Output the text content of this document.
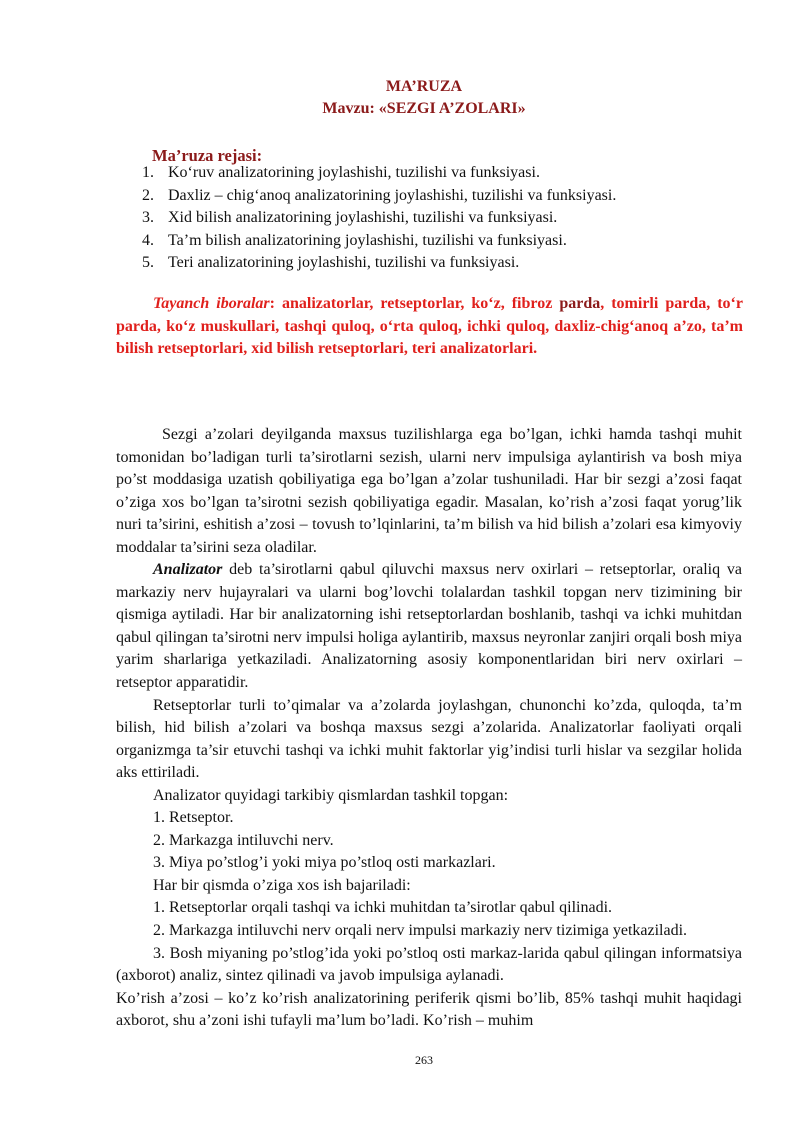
MA’RUZA
Mavzu: «SEZGI A’ZOLARI»
Ma’ruza rejasi:
1. Ko‘ruv analizatorining joylashishi, tuzilishi va funksiyasi.
2. Daxliz – chig‘anoq analizatorining joylashishi, tuzilishi va funksiyasi.
3. Xid bilish analizatorining joylashishi, tuzilishi va funksiyasi.
4. Ta’m bilish analizatorining joylashishi, tuzilishi va funksiyasi.
5. Teri analizatorining joylashishi, tuzilishi va funksiyasi.

Tayanch iboralar: analizatorlar, retseptorlar, ko‘z, fibroz parda, tomirli parda, to‘r parda, ko‘z muskullari, tashqi quloq, o‘rta quloq, ichki quloq, daxliz-chig‘anoq a’zo, ta’m bilish retseptorlari, xid bilish retseptorlari, teri analizatorlari.

Sezgi a’zolari deyilganda maxsus tuzilishlarga ega bo’lgan, ichki hamda tashqi muhit tomonidan bo’ladigan turli ta’sirotlarni sezish, ularni nerv impulsiga aylantirish va bosh miya po’st moddasiga uzatish qobiliyatiga ega bo’lgan a’zolar tushuniladi. Har bir sezgi a’zosi faqat o’ziga xos bo’lgan ta’sirotni sezish qobiliyatiga egadir. Masalan, ko’rish a’zosi faqat yorug’lik nuri ta’sirini, eshitish a’zosi – tovush to’lqinlarini, ta’m bilish va hid bilish a’zolari esa kimyoviy moddalar ta’sirini seza oladilar.

Analizator deb ta’sirotlarni qabul qiluvchi maxsus nerv oxirlari – retseptorlar, oraliq va markaziy nerv hujayralari va ularni bog’lovchi tolalardan tashkil topgan nerv tizimining bir qismiga aytiladi. Har bir analizatorning ishi retseptorlardan boshlanib, tashqi va ichki muhitdan qabul qilingan ta’sirotni nerv impulsi holiga aylantirib, maxsus neyronlar zanjiri orqali bosh miya yarim sharlariga yetkaziladi. Analizatorning asosiy komponentlaridan biri nerv oxirlari – retseptor apparatidir.

Retseptorlar turli to’qimalar va a’zolarda joylashgan, chunonchi ko’zda, quloqda, ta’m bilish, hid bilish a’zolari va boshqa maxsus sezgi a’zolarida. Analizatorlar faoliyati orqali organizmga ta’sir etuvchi tashqi va ichki muhit faktorlar yig’indisi turli hislar va sezgilar holida aks ettiriladi.

Analizator quyidagi tarkibiy qismlardan tashkil topgan:

1. Retseptor.

2. Markazga intiluvchi nerv.

3. Miya po’stlog’i yoki miya po’stloq osti markazlari.

Har bir qismda o’ziga xos ish bajariladi:

1. Retseptorlar orqali tashqi va ichki muhitdan ta’sirotlar qabul qilinadi.

2. Markazga intiluvchi nerv orqali nerv impulsi markaziy nerv tizimiga yetkaziladi.

3. Bosh miyaning po’stlog’ida yoki po’stloq osti markaz-larida qabul qilingan informatsiya (axborot) analiz, sintez qilinadi va javob impulsiga aylanadi.

Ko’rish a’zosi – ko’z ko’rish analizatorining periferik qismi bo’lib, 85% tashqi muhit haqidagi axborot, shu a’zoni ishi tufayli ma’lum bo’ladi. Ko’rish – muhim

263
